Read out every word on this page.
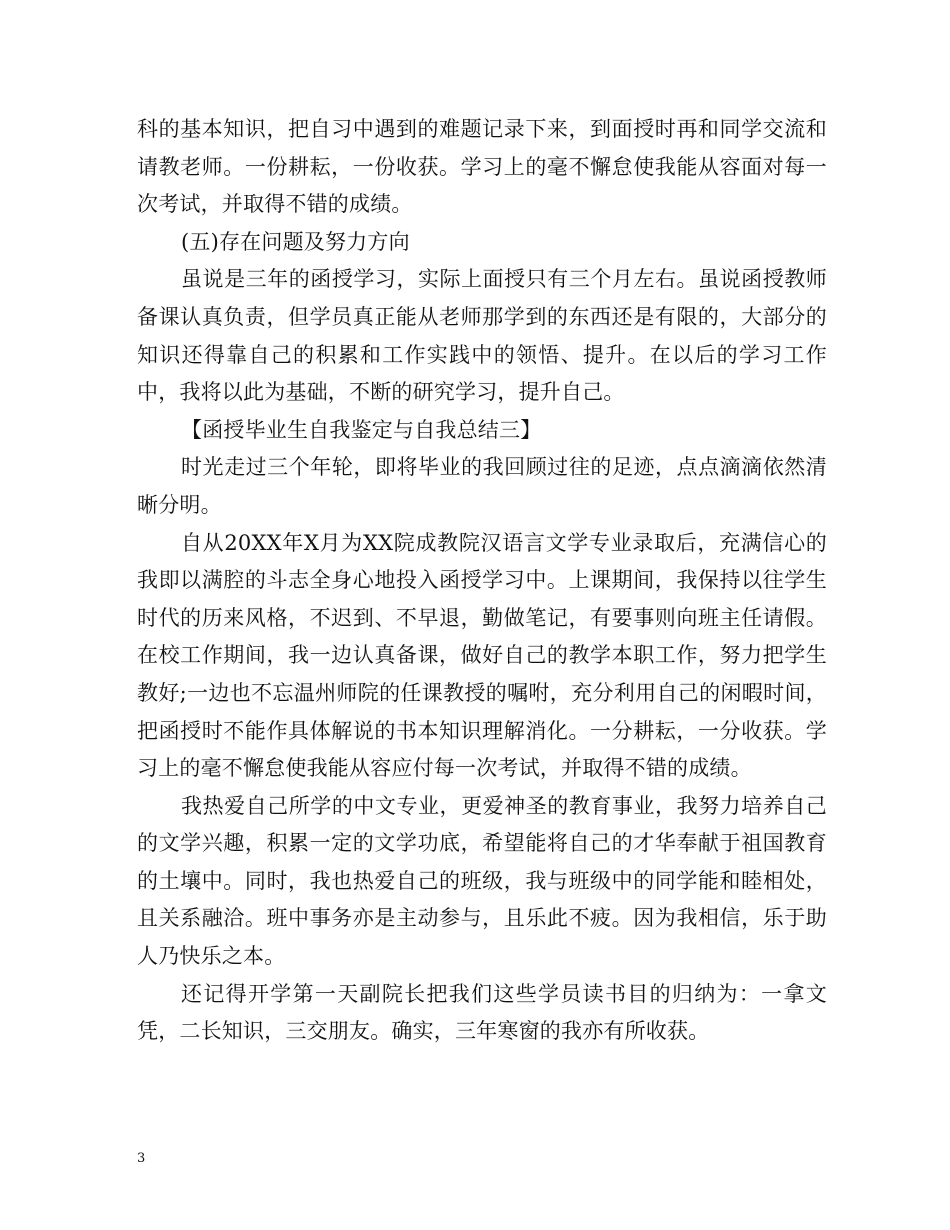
科的基本知识，把自习中遇到的难题记录下来，到面授时再和同学交流和请教老师。一份耕耘，一份收获。学习上的毫不懈怠使我能从容面对每一次考试，并取得不错的成绩。

(五)存在问题及努力方向

虽说是三年的函授学习，实际上面授只有三个月左右。虽说函授教师备课认真负责，但学员真正能从老师那学到的东西还是有限的，大部分的知识还得靠自己的积累和工作实践中的领悟、提升。在以后的学习工作中，我将以此为基础，不断的研究学习，提升自己。

【函授毕业生自我鉴定与自我总结三】

时光走过三个年轮，即将毕业的我回顾过往的足迹，点点滴滴依然清晰分明。

自从20XX年X月为XX院成教院汉语言文学专业录取后，充满信心的我即以满腔的斗志全身心地投入函授学习中。上课期间，我保持以往学生时代的历来风格，不迟到、不早退，勤做笔记，有要事则向班主任请假。在校工作期间，我一边认真备课，做好自己的教学本职工作，努力把学生教好;一边也不忘温州师院的任课教授的嘱咐，充分利用自己的闲暇时间，把函授时不能作具体解说的书本知识理解消化。一分耕耘，一分收获。学习上的毫不懈怠使我能从容应付每一次考试，并取得不错的成绩。

我热爱自己所学的中文专业，更爱神圣的教育事业，我努力培养自己的文学兴趣，积累一定的文学功底，希望能将自己的才华奉献于祖国教育的土壤中。同时，我也热爱自己的班级，我与班级中的同学能和睦相处，且关系融洽。班中事务亦是主动参与，且乐此不疲。因为我相信，乐于助人乃快乐之本。

还记得开学第一天副院长把我们这些学员读书目的归纳为：一拿文凭，二长知识，三交朋友。确实，三年寒窗的我亦有所收获。

3
